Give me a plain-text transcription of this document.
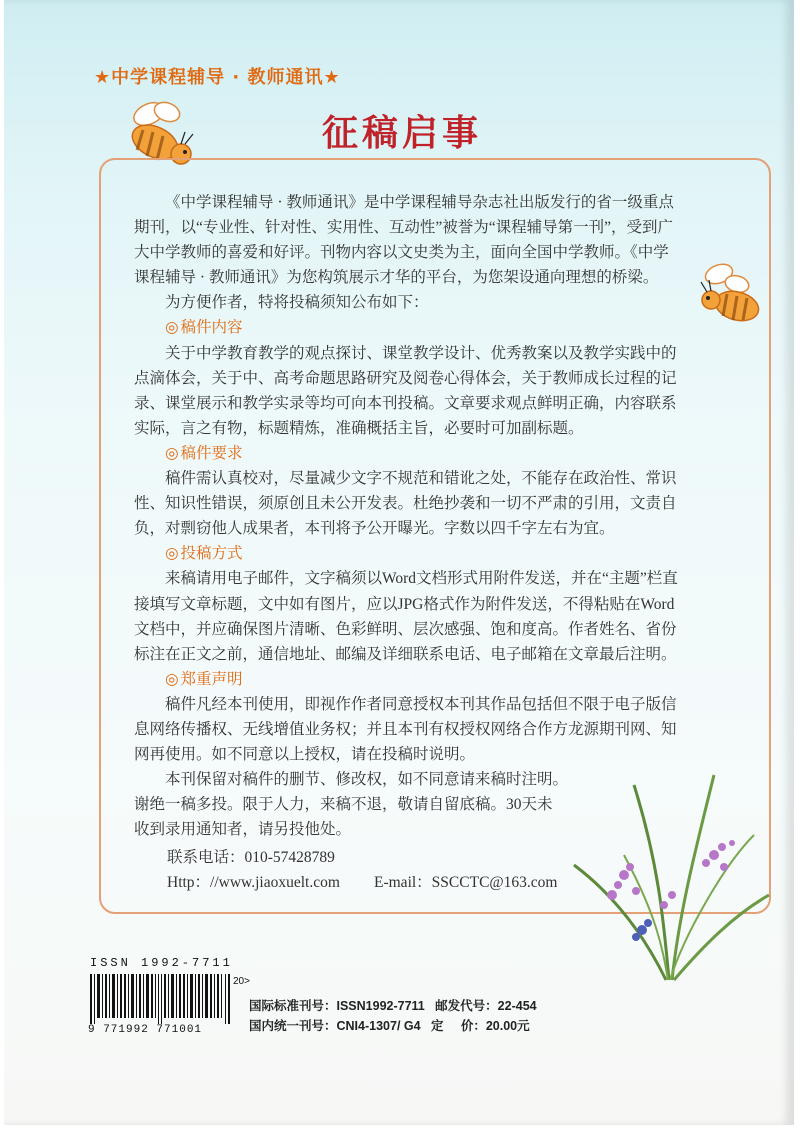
★中学课程辅导 · 教师通讯★
征稿启事

《中学课程辅导 · 教师通讯》是中学课程辅导杂志社出版发行的省一级重点期刊，以“专业性、针对性、实用性、互动性”被誉为“课程辅导第一刊”，受到广大中学教师的喜爱和好评。刊物内容以文史类为主，面向全国中学教师。《中学课程辅导 · 教师通讯》为您构筑展示才华的平台，为您架设通向理想的桥梁。

为方便作者，特将投稿须知公布如下：

◎ 稿件内容

关于中学教育教学的观点探讨、课堂教学设计、优秀教案以及教学实践中的点滴体会，关于中、高考命题思路研究及阅卷心得体会，关于教师成长过程的记录、课堂展示和教学实录等均可向本刊投稿。文章要求观点鲜明正确，内容联系实际，言之有物，标题精炼，准确概括主旨，必要时可加副标题。

◎ 稿件要求

稿件需认真校对，尽量减少文字不规范和错讹之处，不能存在政治性、常识性、知识性错误，须原创且未公开发表。杜绝抄袭和一切不严肃的引用，文责自负，对剽窃他人成果者，本刊将予公开曝光。字数以四千字左右为宜。

◎ 投稿方式

来稿请用电子邮件，文字稿须以Word文档形式用附件发送，并在“主题”栏直接填写文章标题，文中如有图片，应以JPG格式作为附件发送，不得粘贴在Word文档中，并应确保图片清晰、色彩鲜明、层次感强、饱和度高。作者姓名、省份标注在正文之前，通信地址、邮编及详细联系电话、电子邮箱在文章最后注明。

◎ 郑重声明

稿件凡经本刊使用，即视作作者同意授权本刊其作品包括但不限于电子版信息网络传播权、无线增值业务权；并且本刊有权授权网络合作方龙源期刊网、知网再使用。如不同意以上授权，请在投稿时说明。

本刊保留对稿件的删节、修改权，如不同意请来稿时注明。

谢绝一稿多投。限于人力，来稿不退，敬请自留底稿。30天未收到录用通知者，请另投他处。

联系电话：010-57428789
Http：//www.jiaoxuelt.com E-mail：SSCCTC@163.com
ISSN 1992-7711
9 771992 771001
20>
国际标准刊号：ISSN1992-7711   邮发代号：22-454
国内统一刊号：CNI4-1307/ G4   定     价：20.00元
